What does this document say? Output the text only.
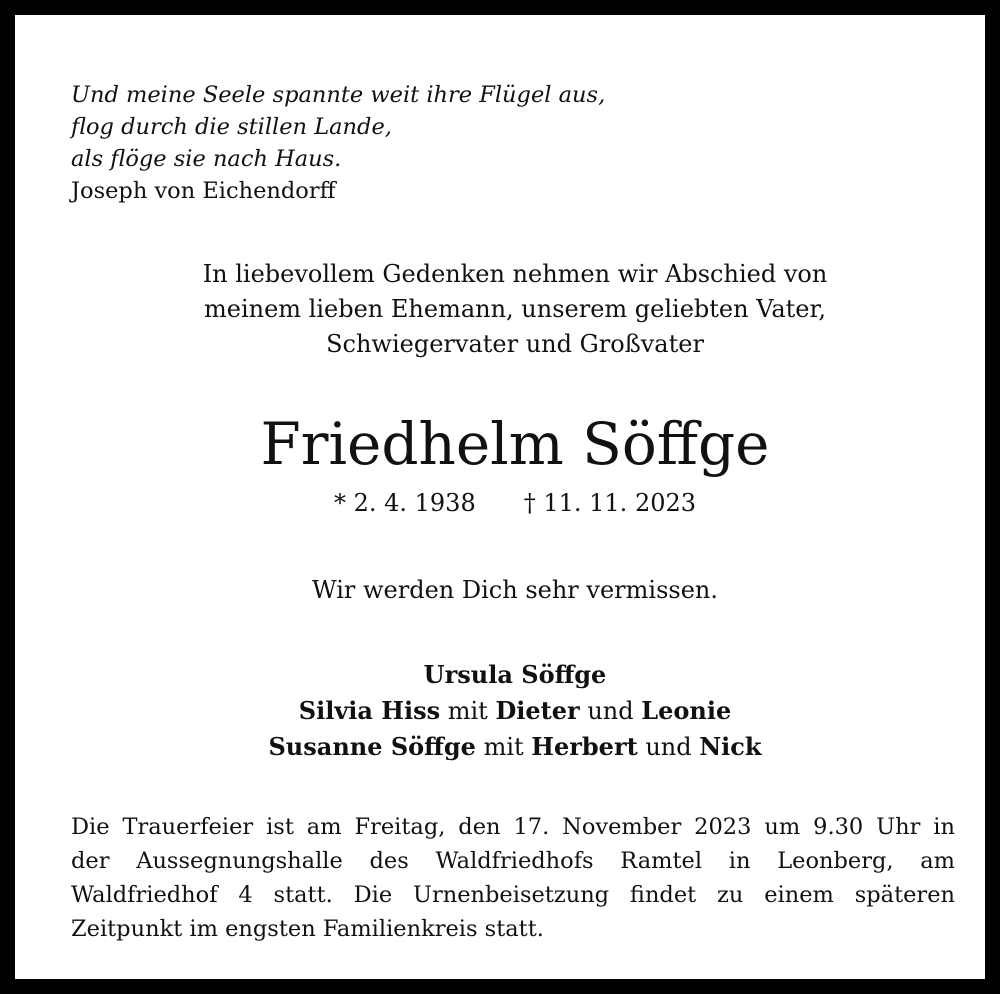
Und meine Seele spannte weit ihre Flügel aus,
flog durch die stillen Lande,
als flöge sie nach Haus.
Joseph von Eichendorff
In liebevollem Gedenken nehmen wir Abschied von
meinem lieben Ehemann, unserem geliebten Vater,
Schwiegervater und Großvater
Friedhelm Söffge
* 2. 4. 1938 † 11. 11. 2023
Wir werden Dich sehr vermissen.
Ursula Söffge
Silvia Hiss mit Dieter und Leonie
Susanne Söffge mit Herbert und Nick
Die Trauerfeier ist am Freitag, den 17. November 2023 um 9.30 Uhr in
der Aussegnungshalle des Waldfriedhofs Ramtel in Leonberg, am
Waldfriedhof 4 statt. Die Urnenbeisetzung findet zu einem späteren
Zeitpunkt im engsten Familienkreis statt.
